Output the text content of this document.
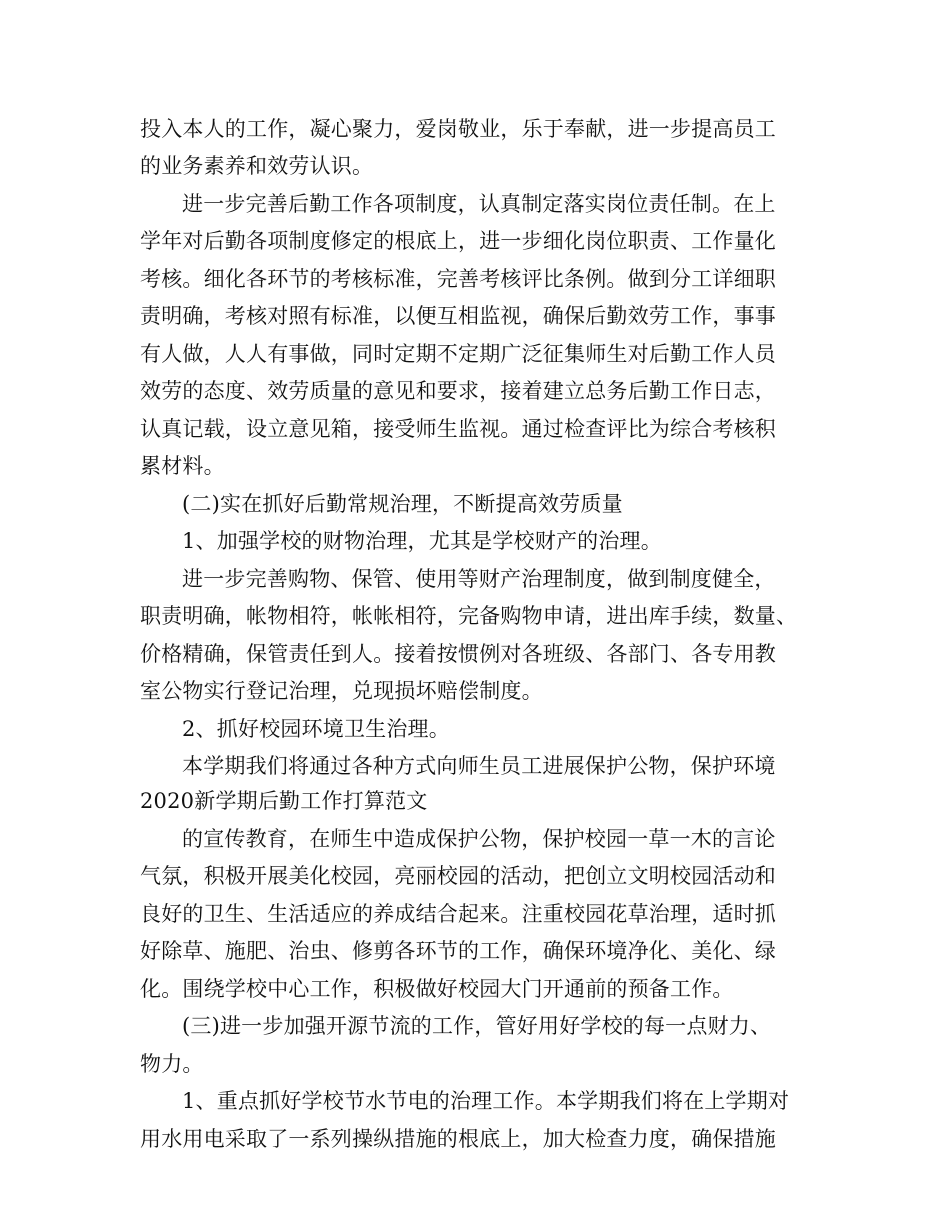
投入本人的工作，凝心聚力，爱岗敬业，乐于奉献，进一步提高员工
的业务素养和效劳认识。
进一步完善后勤工作各项制度，认真制定落实岗位责任制。在上
学年对后勤各项制度修定的根底上，进一步细化岗位职责、工作量化
考核。细化各环节的考核标准，完善考核评比条例。做到分工详细职
责明确，考核对照有标准，以便互相监视，确保后勤效劳工作，事事
有人做，人人有事做，同时定期不定期广泛征集师生对后勤工作人员
效劳的态度、效劳质量的意见和要求，接着建立总务后勤工作日志，
认真记载，设立意见箱，接受师生监视。通过检查评比为综合考核积
累材料。
(二)实在抓好后勤常规治理，不断提高效劳质量
1、加强学校的财物治理，尤其是学校财产的治理。
进一步完善购物、保管、使用等财产治理制度，做到制度健全，
职责明确，帐物相符，帐帐相符，完备购物申请，进出库手续，数量、
价格精确，保管责任到人。接着按惯例对各班级、各部门、各专用教
室公物实行登记治理，兑现损坏赔偿制度。
2、抓好校园环境卫生治理。
本学期我们将通过各种方式向师生员工进展保护公物，保护环境
2020新学期后勤工作打算范文
的宣传教育，在师生中造成保护公物，保护校园一草一木的言论
气氛，积极开展美化校园，亮丽校园的活动，把创立文明校园活动和
良好的卫生、生活适应的养成结合起来。注重校园花草治理，适时抓
好除草、施肥、治虫、修剪各环节的工作，确保环境净化、美化、绿
化。围绕学校中心工作，积极做好校园大门开通前的预备工作。
(三)进一步加强开源节流的工作，管好用好学校的每一点财力、
物力。
1、重点抓好学校节水节电的治理工作。本学期我们将在上学期对
用水用电采取了一系列操纵措施的根底上，加大检查力度，确保措施
